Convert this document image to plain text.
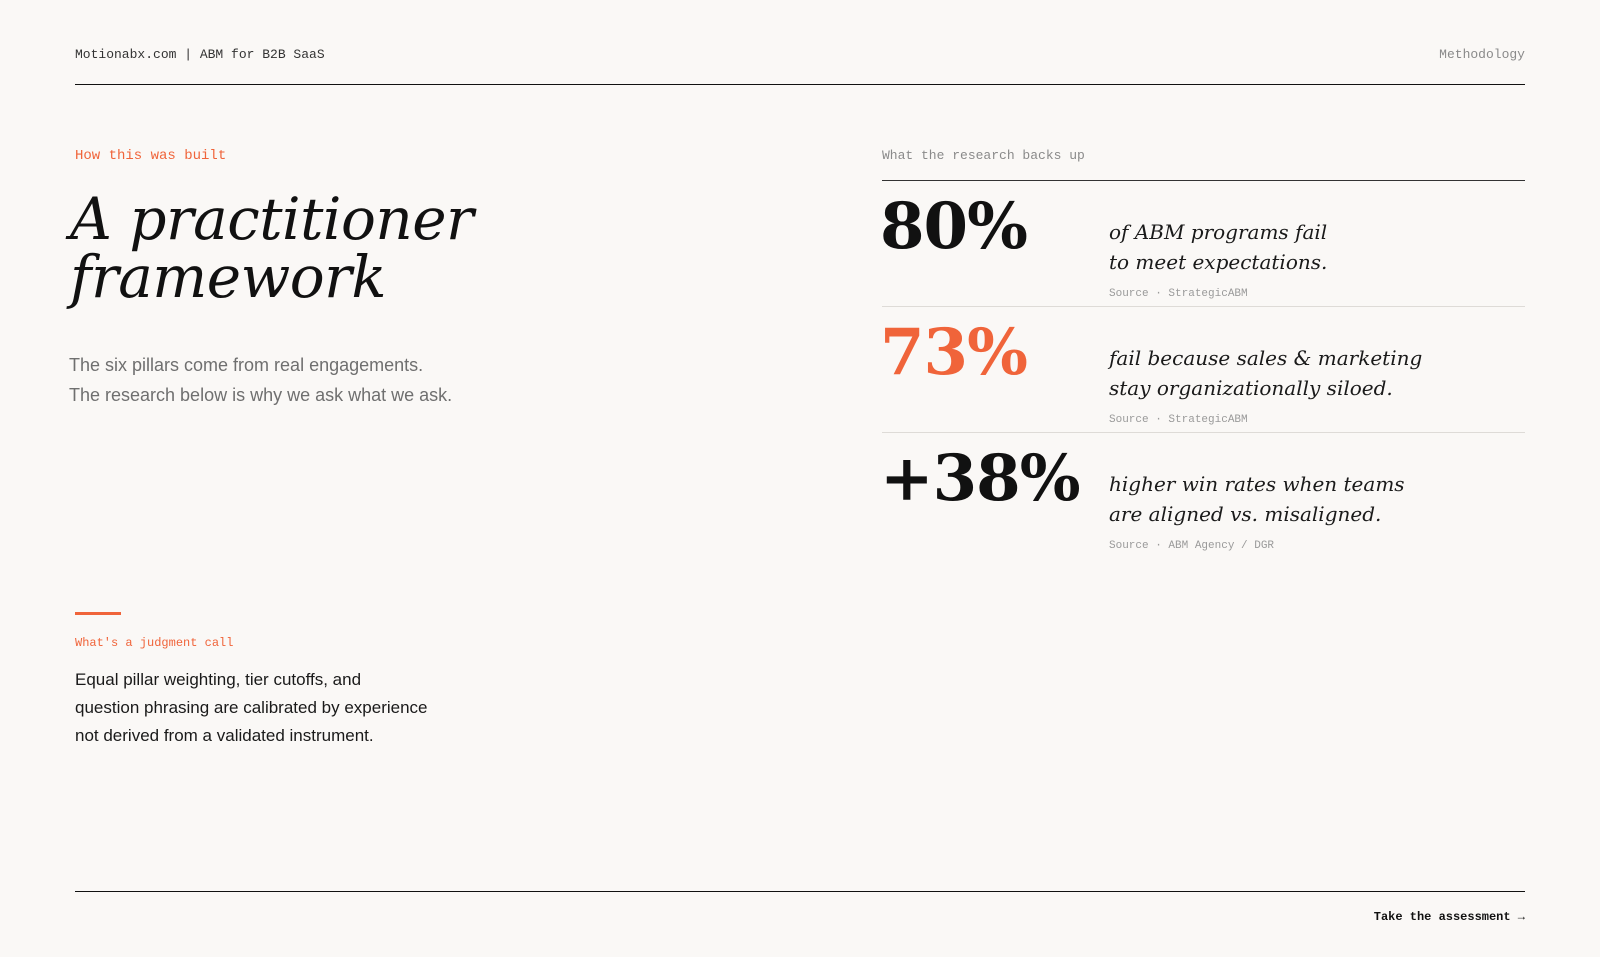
Motionabx.com | ABM for B2B SaaS	Methodology
How this was built
A practitioner
framework
The six pillars come from real engagements.
The research below is why we ask what we ask.
What's a judgment call
Equal pillar weighting, tier cutoffs, and
question phrasing are calibrated by experience
not derived from a validated instrument.
What the research backs up
80%	of ABM programs fail
to meet expectations.
Source · StrategicABM
73%	fail because sales & marketing
stay organizationally siloed.
Source · StrategicABM
+38% higher win rates when teams
are aligned vs. misaligned.
Source · ABM Agency / DGR
Take the assessment →
